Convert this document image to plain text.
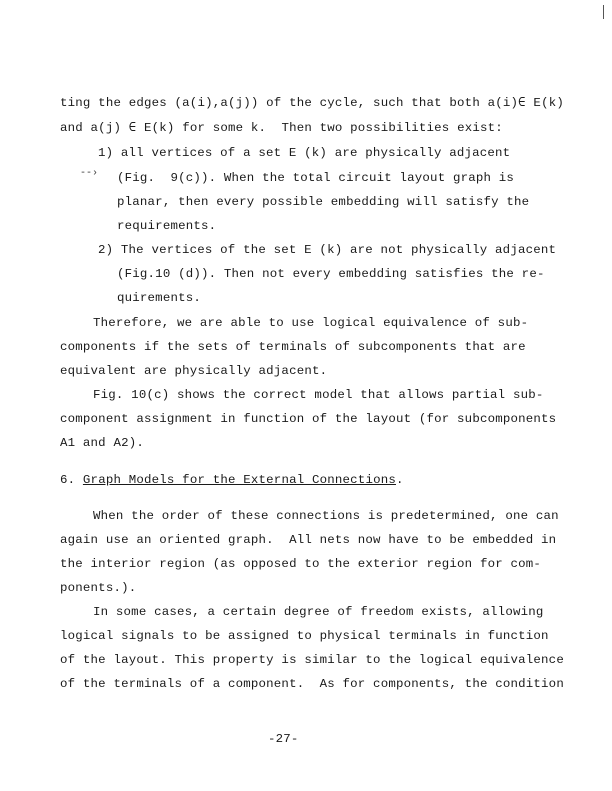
--›
ting the edges (a(i),a(j)) of the cycle, such that both a(i)∈ E(k)
and a(j) ∈ E(k) for some k.  Then two possibilities exist:
1) all vertices of a set E (k) are physically adjacent
(Fig.  9(c)). When the total circuit layout graph is
planar, then every possible embedding will satisfy the
requirements.
2) The vertices of the set E (k) are not physically adjacent
(Fig.10 (d)). Then not every embedding satisfies the re-
quirements.
Therefore, we are able to use logical equivalence of sub-
components if the sets of terminals of subcomponents that are
equivalent are physically adjacent.
Fig. 10(c) shows the correct model that allows partial sub-
component assignment in function of the layout (for subcomponents
A1 and A2).
6. Graph Models for the External Connections.
When the order of these connections is predetermined, one can
again use an oriented graph.  All nets now have to be embedded in
the interior region (as opposed to the exterior region for com-
ponents.).
In some cases, a certain degree of freedom exists, allowing
logical signals to be assigned to physical terminals in function
of the layout. This property is similar to the logical equivalence
of the terminals of a component.  As for components, the condition
-27-
